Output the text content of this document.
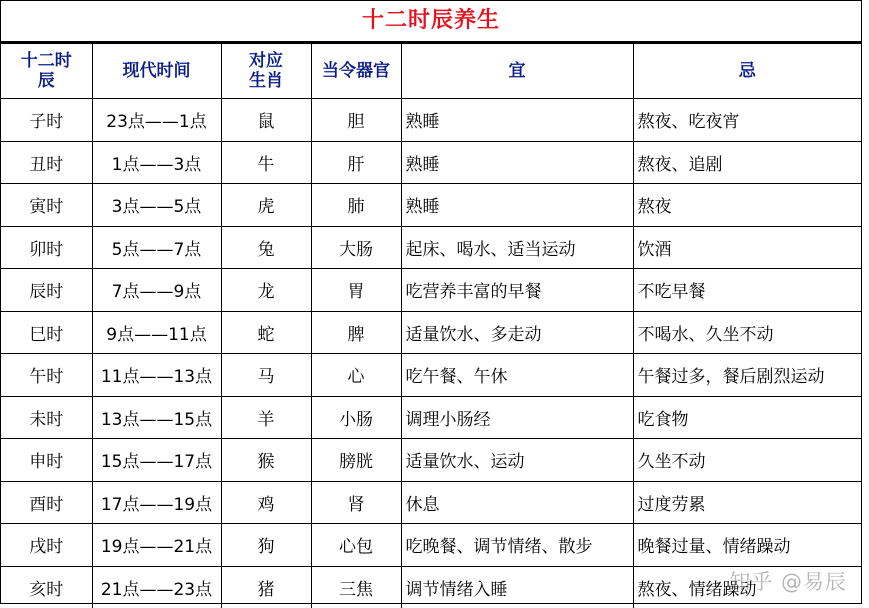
十二时辰养生
十二时辰	现代时间	对应生肖	当令器官	宜	忌
子时	23点——1点	鼠	胆	熟睡	熬夜、吃夜宵
丑时	1点——3点	牛	肝	熟睡	熬夜、追剧
寅时	3点——5点	虎	肺	熟睡	熬夜
卯时	5点——7点	兔	大肠	起床、喝水、适当运动	饮酒
辰时	7点——9点	龙	胃	吃营养丰富的早餐	不吃早餐
巳时	9点——11点	蛇	脾	适量饮水、多走动	不喝水、久坐不动
午时	11点——13点	马	心	吃午餐、午休	午餐过多，餐后剧烈运动
未时	13点——15点	羊	小肠	调理小肠经	吃食物
申时	15点——17点	猴	膀胱	适量饮水、运动	久坐不动
酉时	17点——19点	鸡	肾	休息	过度劳累
戌时	19点——21点	狗	心包	吃晚餐、调节情绪、散步	晚餐过量、情绪躁动
亥时	21点——23点	猪	三焦	调节情绪入睡	熬夜、情绪躁动
知乎 @易辰
